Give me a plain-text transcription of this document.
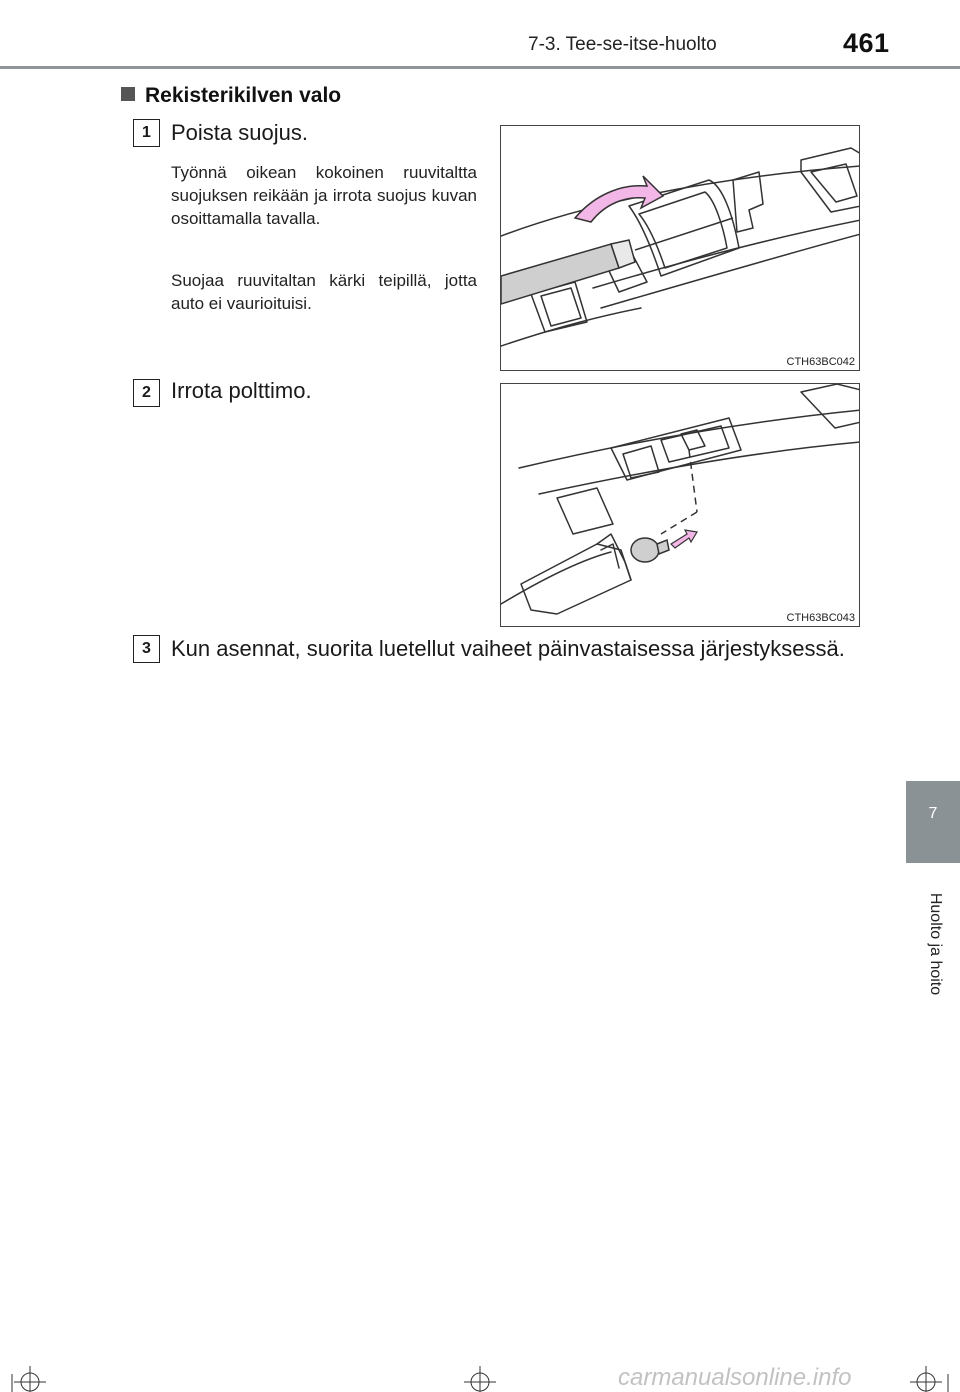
7-3. Tee-se-itse-huolto	461
Rekisterikilven valo
1 Poista suojus.
Työnnä oikean kokoinen ruuvitaltta suojuksen reikään ja irrota suojus kuvan osoittamalla tavalla.
Suojaa ruuvitaltan kärki teipillä, jotta auto ei vaurioituisi.
CTH63BC042
2 Irrota polttimo.
CTH63BC043
3 Kun asennat, suorita luetellut vaiheet päinvastaisessa järjestyksessä.
7
Huolto ja hoito
carmanualsonline.info
